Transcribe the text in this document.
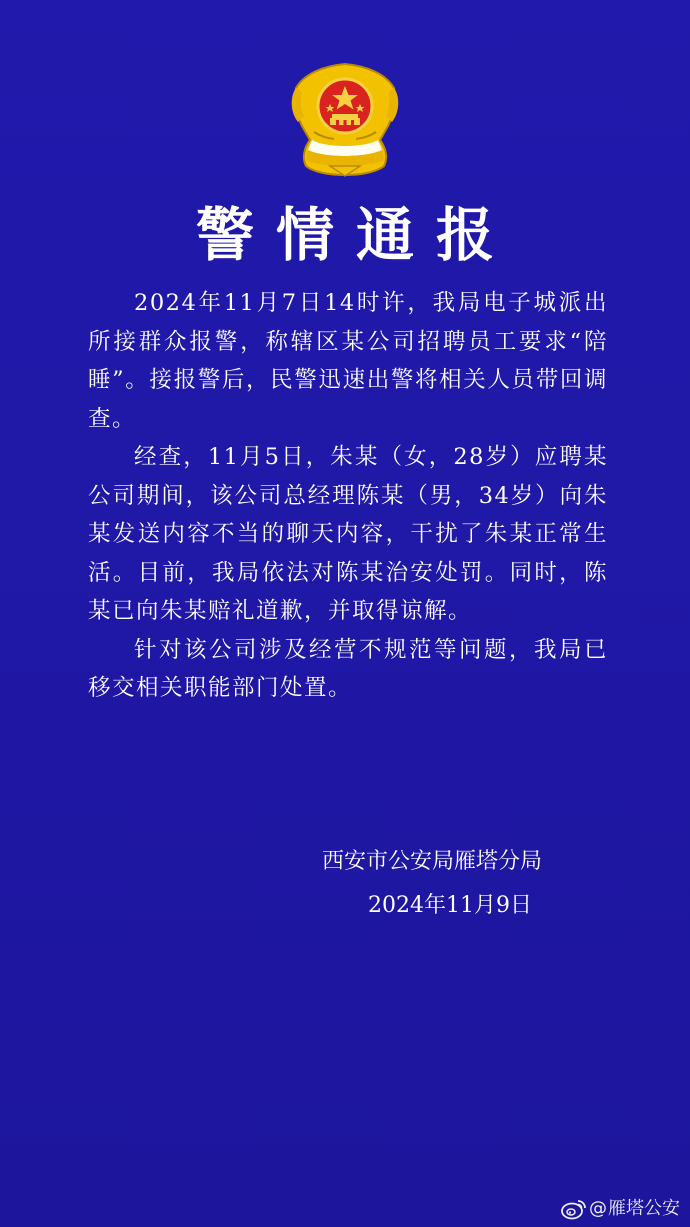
警情通报

2024年11月7日14时许，我局电子城派出所接群众报警，称辖区某公司招聘员工要求“陪睡”。接报警后，民警迅速出警将相关人员带回调查。

经查，11月5日，朱某（女，28岁）应聘某公司期间，该公司总经理陈某（男，34岁）向朱某发送内容不当的聊天内容，干扰了朱某正常生活。目前，我局依法对陈某治安处罚。同时，陈某已向朱某赔礼道歉，并取得谅解。

针对该公司涉及经营不规范等问题，我局已移交相关职能部门处置。

西安市公安局雁塔分局
2024年11月9日
@ 雁塔公安
